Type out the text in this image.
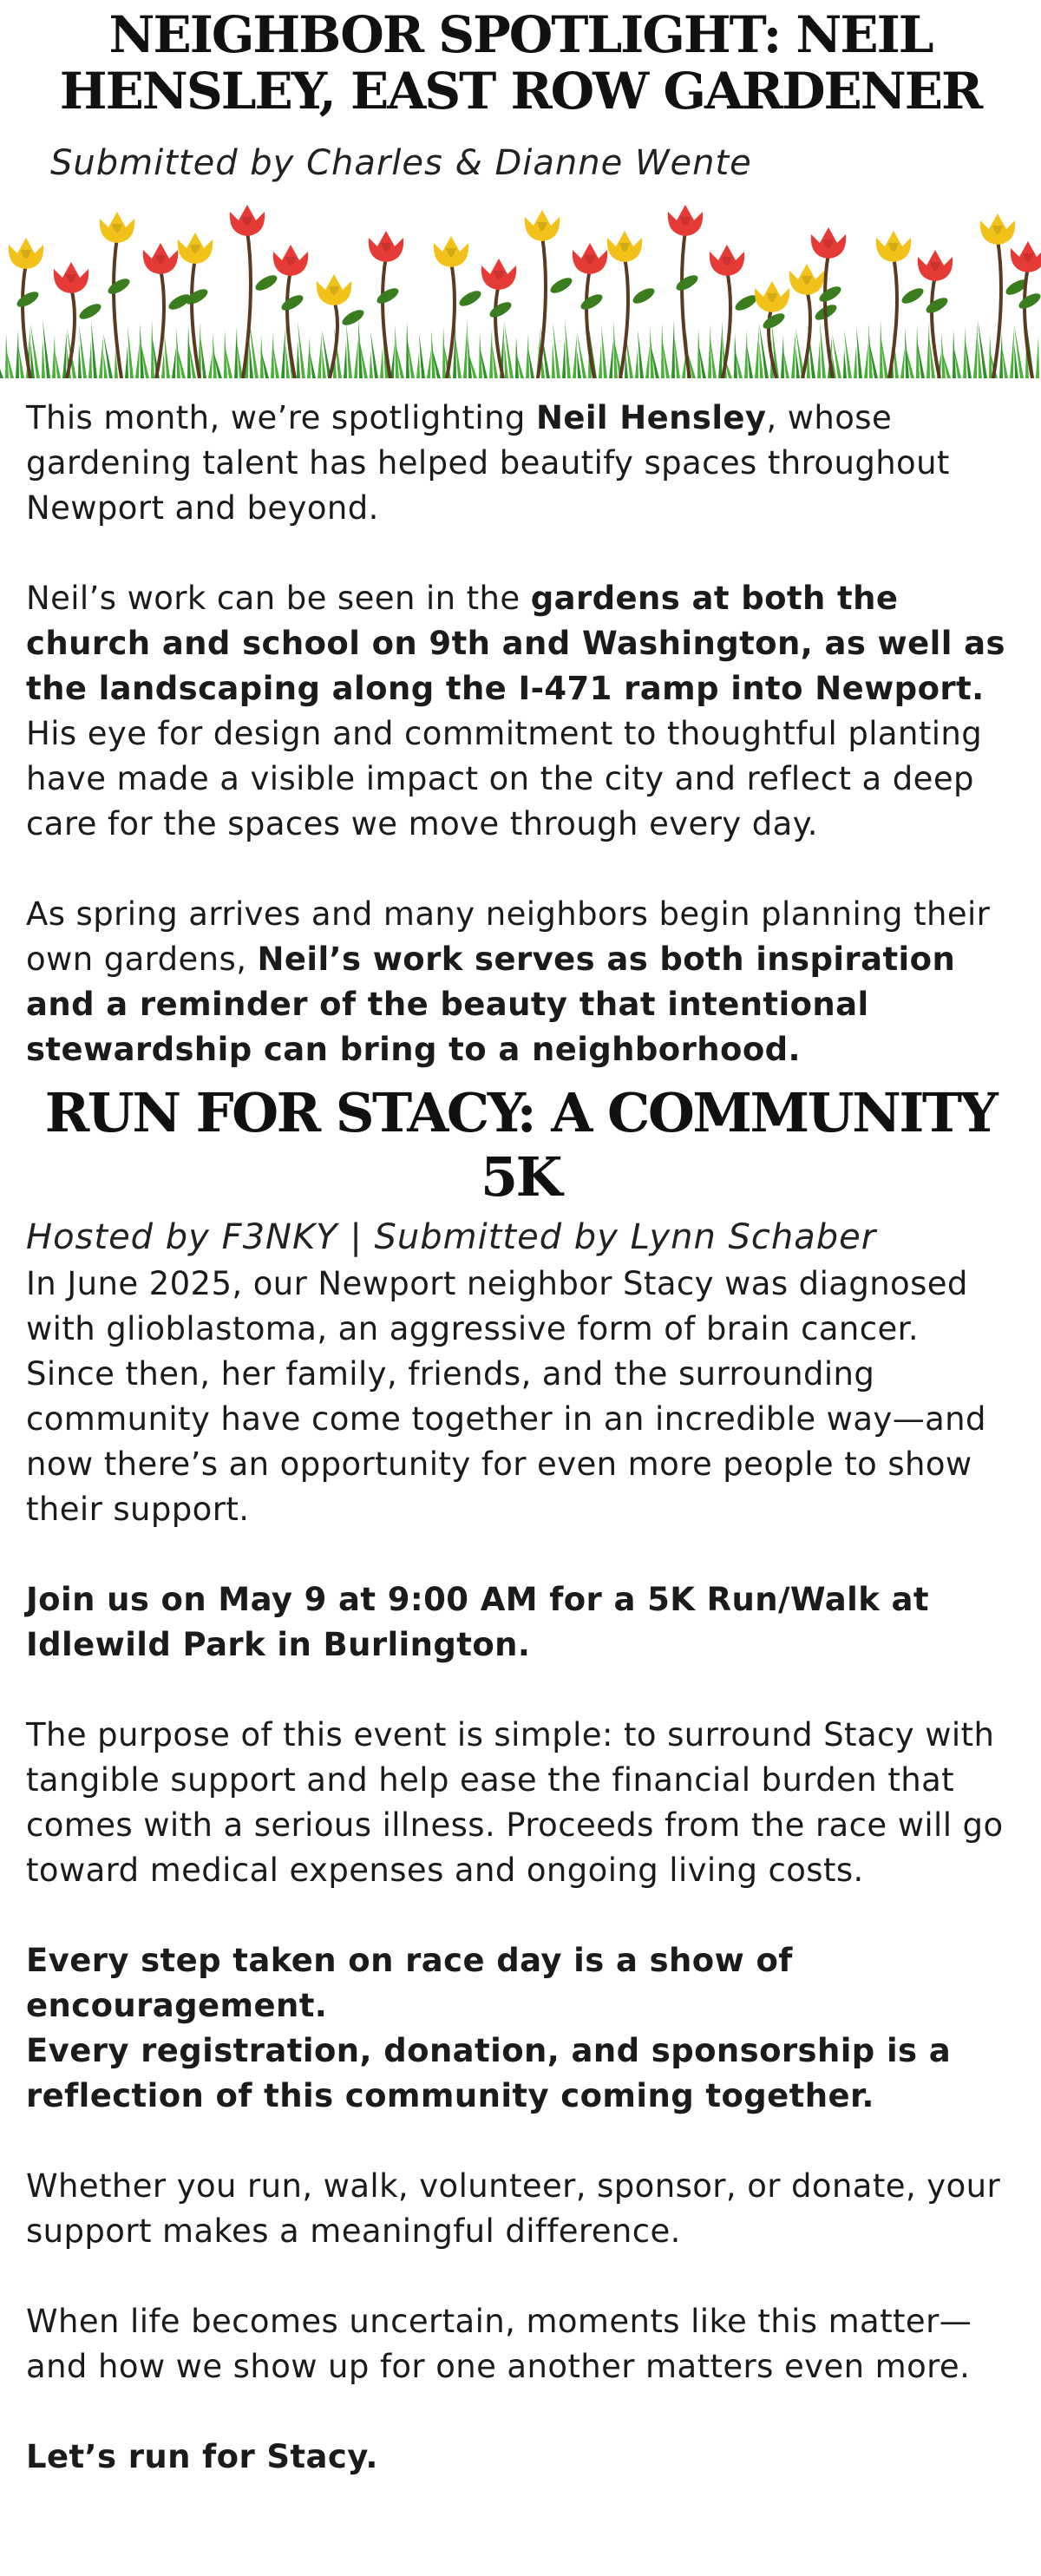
NEIGHBOR SPOTLIGHT: NEIL HENSLEY, EAST ROW GARDENER
Submitted by Charles & Dianne Wente

This month, we’re spotlighting Neil Hensley, whose gardening talent has helped beautify spaces throughout Newport and beyond.

Neil’s work can be seen in the gardens at both the church and school on 9th and Washington, as well as the landscaping along the I-471 ramp into Newport. His eye for design and commitment to thoughtful planting have made a visible impact on the city and reflect a deep care for the spaces we move through every day.

As spring arrives and many neighbors begin planning their own gardens, Neil’s work serves as both inspiration and a reminder of the beauty that intentional stewardship can bring to a neighborhood.

RUN FOR STACY: A COMMUNITY 5K
Hosted by F3NKY | Submitted by Lynn Schaber

In June 2025, our Newport neighbor Stacy was diagnosed with glioblastoma, an aggressive form of brain cancer. Since then, her family, friends, and the surrounding community have come together in an incredible way—and now there’s an opportunity for even more people to show their support.

Join us on May 9 at 9:00 AM for a 5K Run/Walk at Idlewild Park in Burlington.

The purpose of this event is simple: to surround Stacy with tangible support and help ease the financial burden that comes with a serious illness. Proceeds from the race will go toward medical expenses and ongoing living costs.

Every step taken on race day is a show of encouragement.
Every registration, donation, and sponsorship is a reflection of this community coming together.

Whether you run, walk, volunteer, sponsor, or donate, your support makes a meaningful difference.

When life becomes uncertain, moments like this matter—and how we show up for one another matters even more.

Let’s run for Stacy.
